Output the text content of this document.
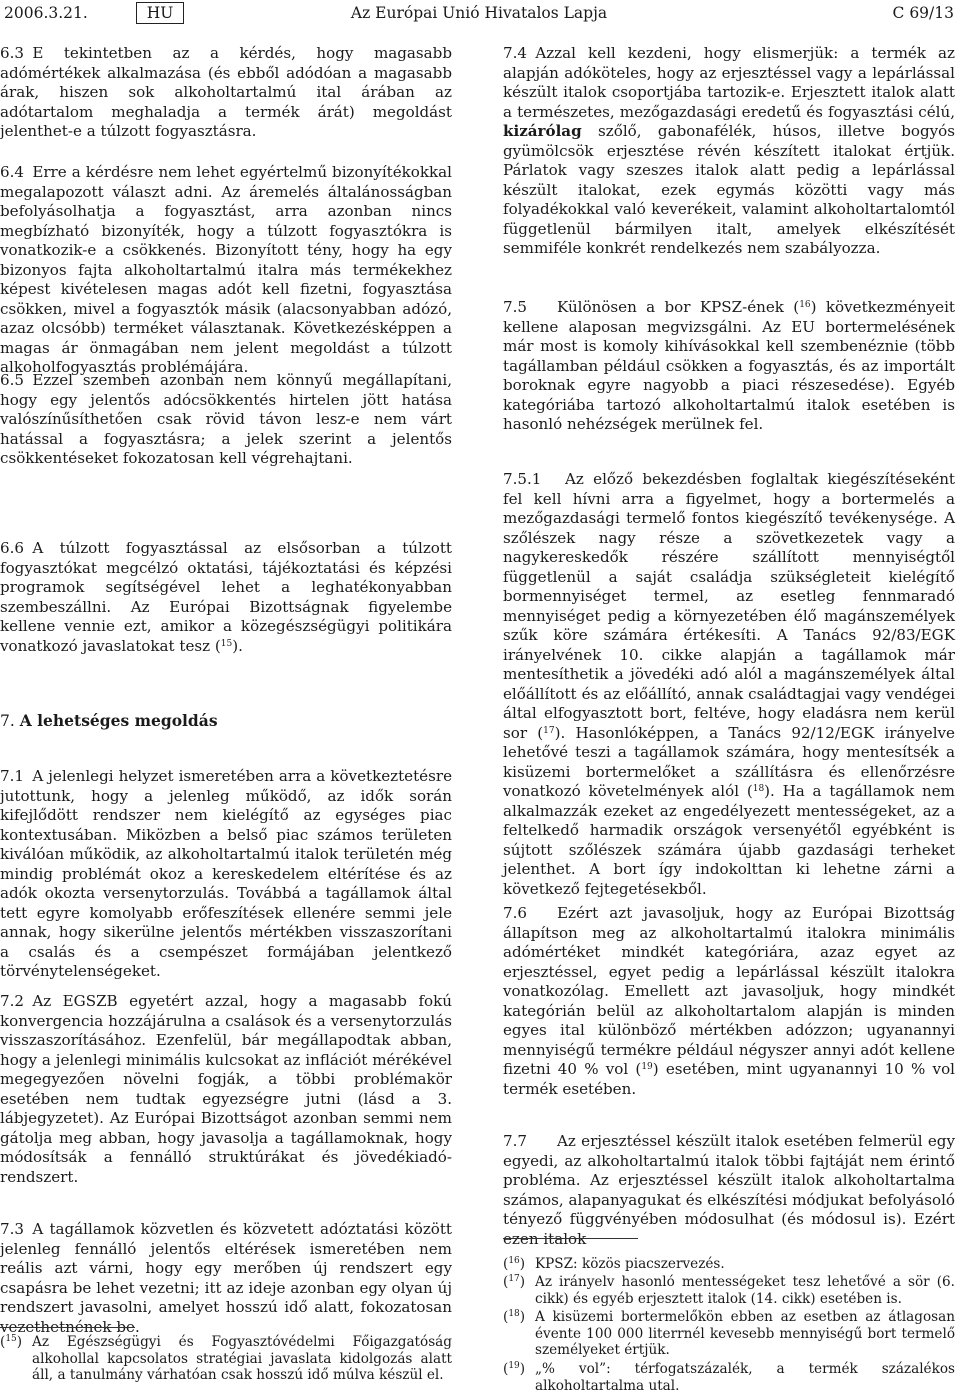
2006.3.21.	HU	Az Európai Unió Hivatalos Lapja	C 69/13

6.3 E tekintetben az a kérdés, hogy magasabb adómértékek alkalmazása (és ebből adódóan a magasabb árak, hiszen sok alkoholtartalmú ital árában az adótartalom meghaladja a termék árát) megoldást jelenthet-e a túlzott fogyasztásra.

6.4 Erre a kérdésre nem lehet egyértelmű bizonyítékokkal megalapozott választ adni. Az áremelés általánosságban befolyásolhatja a fogyasztást, arra azonban nincs megbízható bizonyíték, hogy a túlzott fogyasztókra is vonatkozik-e a csökkenés. Bizonyított tény, hogy ha egy bizonyos fajta alkoholtartalmú italra más termékekhez képest kivételesen magas adót kell fizetni, fogyasztása csökken, mivel a fogyasztók másik (alacsonyabban adózó, azaz olcsóbb) terméket választanak. Következésképpen a magas ár önmagában nem jelent megoldást a túlzott alkoholfogyasztás problémájára.

6.5 Ezzel szemben azonban nem könnyű megállapítani, hogy egy jelentős adócsökkentés hirtelen jött hatása valószínűsíthetően csak rövid távon lesz-e nem várt hatással a fogyasztásra; a jelek szerint a jelentős csökkentéseket fokozatosan kell végrehajtani.

6.6 A túlzott fogyasztással az elsősorban a túlzott fogyasztókat megcélzó oktatási, tájékoztatási és képzési programok segítségével lehet a leghatékonyabban szembeszállni. Az Európai Bizottságnak figyelembe kellene vennie ezt, amikor a közegészségügyi politikára vonatkozó javaslatokat tesz ($^{15}$).

7. A lehetséges megoldás

7.1 A jelenlegi helyzet ismeretében arra a következtetésre jutottunk, hogy a jelenleg működő, az idők során kifejlődött rendszer nem kielégítő az egységes piac kontextusában. Miközben a belső piac számos területen kiválóan működik, az alkoholtartalmú italok területén még mindig problémát okoz a kereskedelem eltérítése és az adók okozta versenytorzulás. Továbbá a tagállamok által tett egyre komolyabb erőfeszítések ellenére semmi jele annak, hogy sikerülne jelentős mértékben visszaszorítani a csalás és a csempészet formájában jelentkező törvénytelenségeket.

7.2 Az EGSZB egyetért azzal, hogy a magasabb fokú konvergencia hozzájárulna a csalások és a versenytorzulás visszaszorításához. Ezenfelül, bár megállapodtak abban, hogy a jelenlegi minimális kulcsokat az inflációt mérékével megegyezően növelni fogják, a többi problémakör esetében nem tudtak egyezségre jutni (lásd a 3. lábjegyzetet). Az Európai Bizottságot azonban semmi nem gátolja meg abban, hogy javasolja a tagállamoknak, hogy módosítsák a fennálló struktúrákat és jövedékiadó-rendszert.

7.3 A tagállamok közvetlen és közvetett adóztatási között jelenleg fennálló jelentős eltérések ismeretében nem reális azt várni, hogy egy merőben új rendszert egy csapásra be lehet vezetni; itt az ideje azonban egy olyan új rendszert javasolni, amelyet hosszú idő alatt, fokozatosan vezethetnének be.

($^{15}$) Az Egészségügyi és Fogyasztóvédelmi Főigazgatóság alkohollal kapcsolatos stratégiai javaslata kidolgozás alatt áll, a tanulmány várhatóan csak hosszú idő múlva készül el.

7.4 Azzal kell kezdeni, hogy elismerjük: a termék az alapján adóköteles, hogy az erjesztéssel vagy a lepárlással készült italok csoportjába tartozik-e. Erjesztett italok alatt a természetes, mezőgazdasági eredetű és fogyasztási célú, kizárólag szőlő, gabonafélék, húsos, illetve bogyós gyümölcsök erjesztése révén készített italokat értjük. Párlatok vagy szeszes italok alatt pedig a lepárlással készült italokat, ezek egymás közötti vagy más folyadékokkal való keverékeit, valamint alkoholtartalomtól függetlenül bármilyen italt, amelyek elkészítését semmiféle konkrét rendelkezés nem szabályozza.

7.5 Különösen a bor KPSZ-ének ($^{16}$) következményeit kellene alaposan megvizsgálni. Az EU bortermelésének már most is komoly kihívásokkal kell szembenéznie (több tagállamban például csökken a fogyasztás, és az importált boroknak egyre nagyobb a piaci részesedése). Egyéb kategóriába tartozó alkoholtartalmú italok esetében is hasonló nehézségek merülnek fel.

7.5.1 Az előző bekezdésben foglaltak kiegészítéseként fel kell hívni arra a figyelmet, hogy a bortermelés a mezőgazdasági termelő fontos kiegészítő tevékenysége. A szőlészek nagy része a szövetkezetek vagy a nagykereskedők részére szállított mennyiségtől függetlenül a saját családja szükségleteit kielégítő bormennyiséget termel, az esetleg fennmaradó mennyiséget pedig a környezetében élő magánszemélyek szűk köre számára értékesíti. A Tanács 92/83/EGK irányelvének 10. cikke alapján a tagállamok már mentesíthetik a jövedéki adó alól a magánszemélyek által előállított és az előállító, annak családtagjai vagy vendégei által elfogyasztott bort, feltéve, hogy eladásra nem kerül sor ($^{17}$). Hasonlóképpen, a Tanács 92/12/EGK irányelve lehetővé teszi a tagállamok számára, hogy mentesítsék a kisüzemi bortermelőket a szállításra és ellenőrzésre vonatkozó követelmények alól ($^{18}$). Ha a tagállamok nem alkalmazzák ezeket az engedélyezett mentességeket, az a feltelkedő harmadik országok versenyétől egyébként is sújtott szőlészek számára újabb gazdasági terheket jelenthet. A bort így indokolttan ki lehetne zárni a következő fejtegetésekből.

7.6 Ezért azt javasoljuk, hogy az Európai Bizottság állapítson meg az alkoholtartalmú italokra minimális adómértéket mindkét kategóriára, azaz egyet az erjesztéssel, egyet pedig a lepárlással készült italokra vonatkozólag. Emellett azt javasoljuk, hogy mindkét kategórián belül az alkoholtartalom alapján is minden egyes ital különböző mértékben adózzon; ugyanannyi mennyiségű termékre például négyszer annyi adót kellene fizetni 40 % vol ($^{19}$) esetében, mint ugyanannyi 10 % vol termék esetében.

7.7 Az erjesztéssel készült italok esetében felmerül egy egyedi, az alkoholtartalmú italok többi fajtáját nem érintő probléma. Az erjesztéssel készült italok alkoholtartalma számos, alapanyagukat és elkészítési módjukat befolyásoló tényező függvényében módosulhat (és módosul is). Ezért ezen italok

($^{16}$) KPSZ: közös piacszervezés.
($^{17}$) Az irányelv hasonló mentességeket tesz lehetővé a sör (6. cikk) és egyéb erjesztett italok (14. cikk) esetében is.
($^{18}$) A kisüzemi bortermelőkön ebben az esetben az átlagosan évente 100 000 literrnél kevesebb mennyiségű bort termelő személyeket értjük.
($^{19}$) „% vol”: térfogatszázalék, a termék százalékos alkoholtartalma utal.
